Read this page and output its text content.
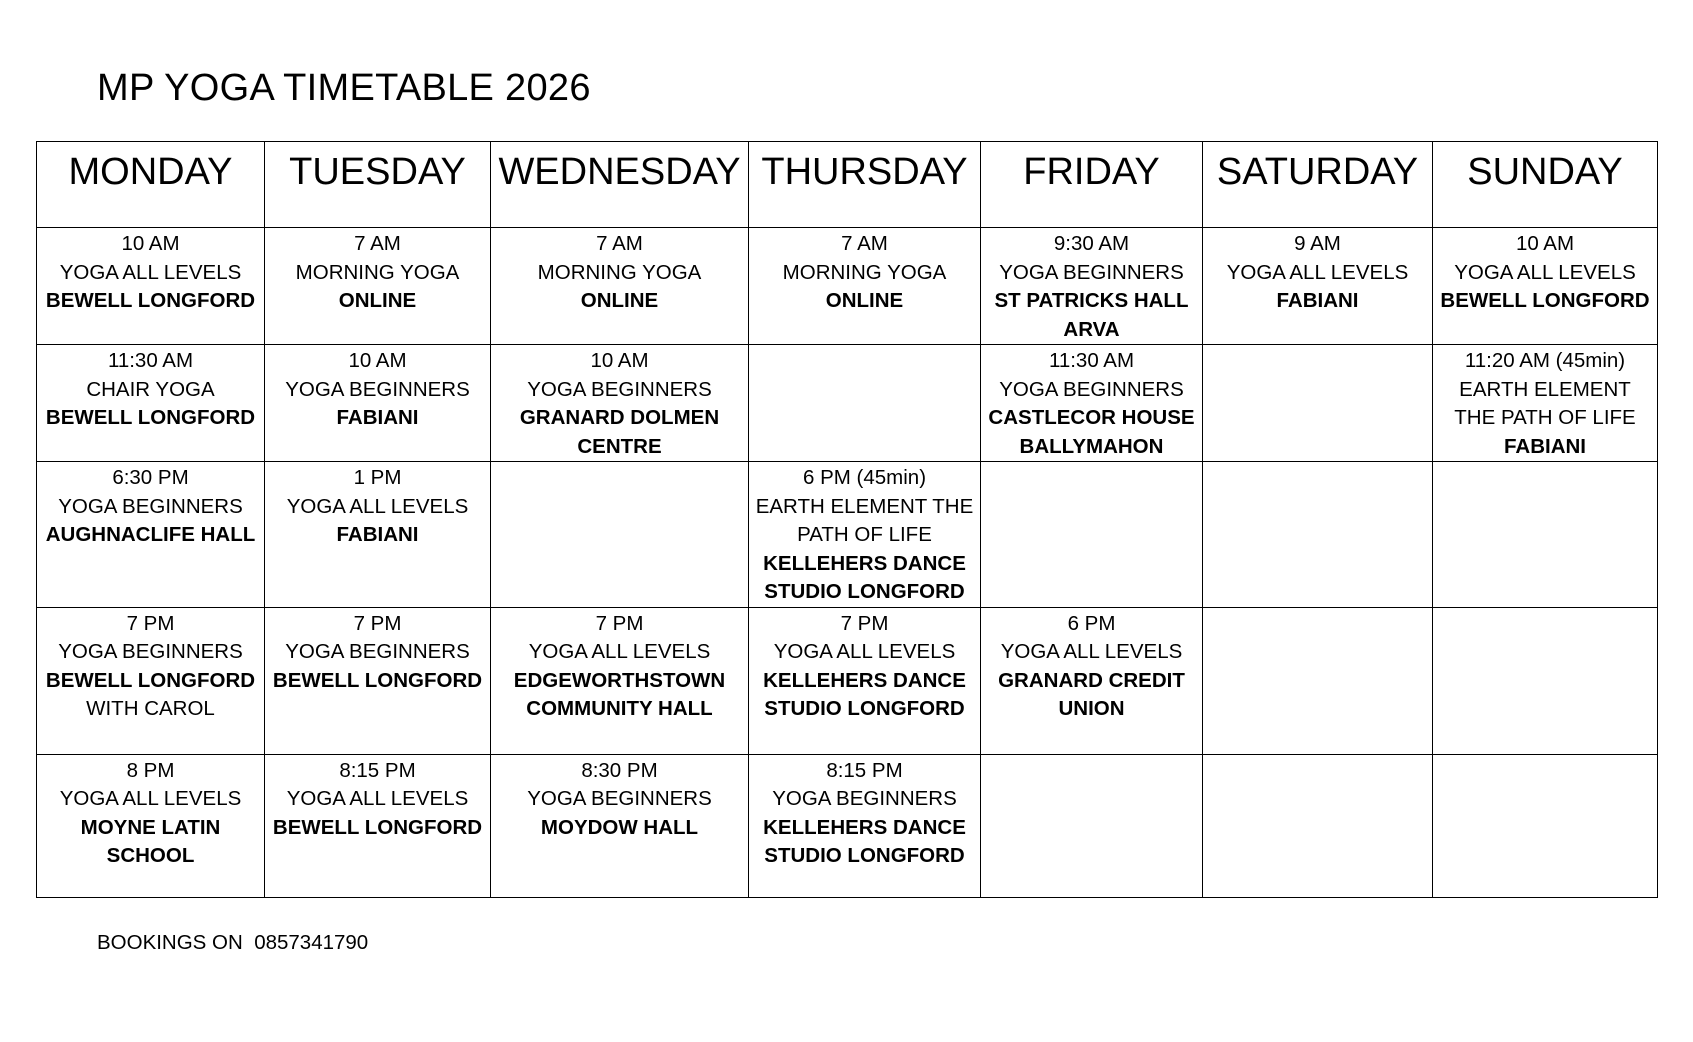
MP YOGA TIMETABLE 2026
MONDAY	TUESDAY	WEDNESDAY	THURSDAY	FRIDAY	SATURDAY	SUNDAY

10 AM
YOGA ALL LEVELS
BEWELL LONGFORD	7 AM
MORNING YOGA
ONLINE	7 AM
MORNING YOGA
ONLINE	7 AM
MORNING YOGA
ONLINE	9:30 AM
YOGA BEGINNERS
ST PATRICKS HALL ARVA	9 AM
YOGA ALL LEVELS
FABIANI	10 AM
YOGA ALL LEVELS
BEWELL LONGFORD

11:30 AM
CHAIR YOGA
BEWELL LONGFORD	10 AM
YOGA BEGINNERS
FABIANI	10 AM
YOGA BEGINNERS
GRANARD DOLMEN CENTRE		11:30 AM
YOGA BEGINNERS
CASTLECOR HOUSE BALLYMAHON		11:20 AM (45min)
EARTH ELEMENT THE PATH OF LIFE
FABIANI

6:30 PM
YOGA BEGINNERS
AUGHNACLIFE HALL	1 PM
YOGA ALL LEVELS
FABIANI		6 PM (45min)
EARTH ELEMENT THE PATH OF LIFE
KELLEHERS DANCE STUDIO LONGFORD			

7 PM
YOGA BEGINNERS
BEWELL LONGFORD
WITH CAROL	7 PM
YOGA BEGINNERS
BEWELL LONGFORD	7 PM
YOGA ALL LEVELS
EDGEWORTHSTOWN COMMUNITY HALL	7 PM
YOGA ALL LEVELS
KELLEHERS DANCE STUDIO LONGFORD	6 PM
YOGA ALL LEVELS
GRANARD CREDIT UNION		

8 PM
YOGA ALL LEVELS
MOYNE LATIN SCHOOL	8:15 PM
YOGA ALL LEVELS
BEWELL LONGFORD	8:30 PM
YOGA BEGINNERS
MOYDOW HALL	8:15 PM
YOGA BEGINNERS
KELLEHERS DANCE STUDIO LONGFORD			

BOOKINGS ON  0857341790
